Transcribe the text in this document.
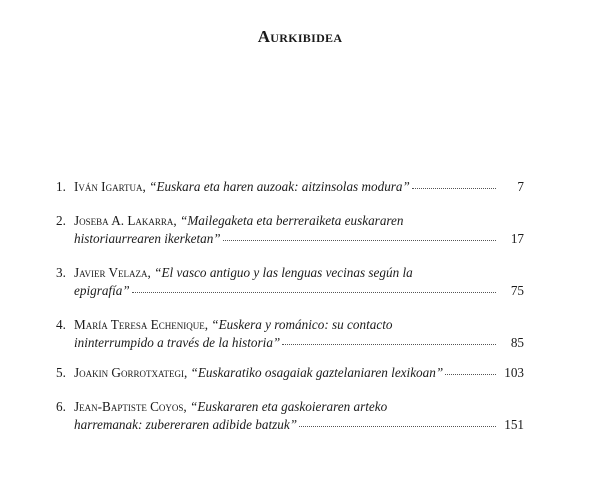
Aurkibidea
1. Iván Igartua , “Euskara eta haren auzoak: aitzinsolas modura”	7
2. Joseba A. Lakarra , “Mailegaketa eta berreraiketa euskararen
historiaurrearen ikerketan”	17
3. Javier Velaza , “El vasco antiguo y las lenguas vecinas según la
epigrafía”	75
4. María Teresa Echenique , “Euskera y románico: su contacto
ininterrumpido a través de la historia”	85
5. Joakin Gorrotxategi , “Euskaratiko osagaiak gaztelaniaren lexikoan”	103
6. Jean-Baptiste Coyos , “Euskararen eta gaskoieraren arteko
harremanak: zubereraren adibide batzuk”	151
